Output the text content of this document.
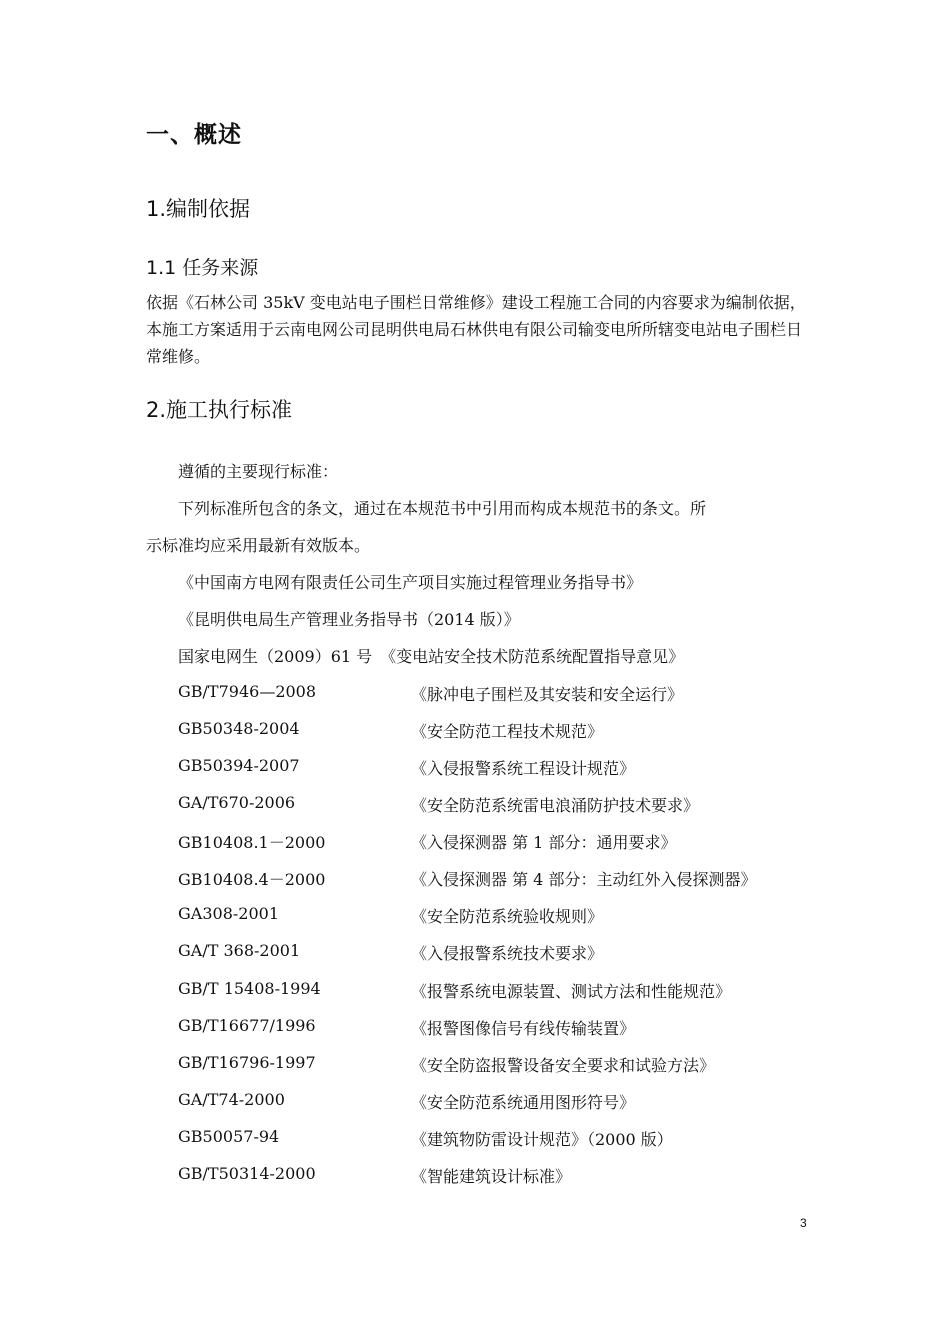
一、概述
1.编制依据
1.1 任务来源
依据《石林公司 35kV 变电站电子围栏日常维修》建设工程施工合同的内容要求为编制依据，本施工方案适用于云南电网公司昆明供电局石林供电有限公司输变电所所辖变电站电子围栏日常维修。
2.施工执行标准
遵循的主要现行标准：
下列标准所包含的条文，通过在本规范书中引用而构成本规范书的条文。所
示标准均应采用最新有效版本。
《中国南方电网有限责任公司生产项目实施过程管理业务指导书》
《昆明供电局生产管理业务指导书（2014 版）》
国家电网生（2009）61 号　《变电站安全技术防范系统配置指导意见》
GB/T7946—2008	《脉冲电子围栏及其安装和安全运行》
GB50348-2004	《安全防范工程技术规范》
GB50394-2007	《入侵报警系统工程设计规范》
GA/T670-2006	《安全防范系统雷电浪涌防护技术要求》
GB10408.1－2000	《入侵探测器 第 1 部分：通用要求》
GB10408.4－2000	《入侵探测器 第 4 部分：主动红外入侵探测器》
GA308-2001	《安全防范系统验收规则》
GA/T 368-2001	《入侵报警系统技术要求》
GB/T 15408-1994	《报警系统电源装置、测试方法和性能规范》
GB/T16677/1996	《报警图像信号有线传输装置》
GB/T16796-1997	《安全防盗报警设备安全要求和试验方法》
GA/T74-2000	《安全防范系统通用图形符号》
GB50057-94	《建筑物防雷设计规范》（2000 版）
GB/T50314-2000	《智能建筑设计标准》
3
